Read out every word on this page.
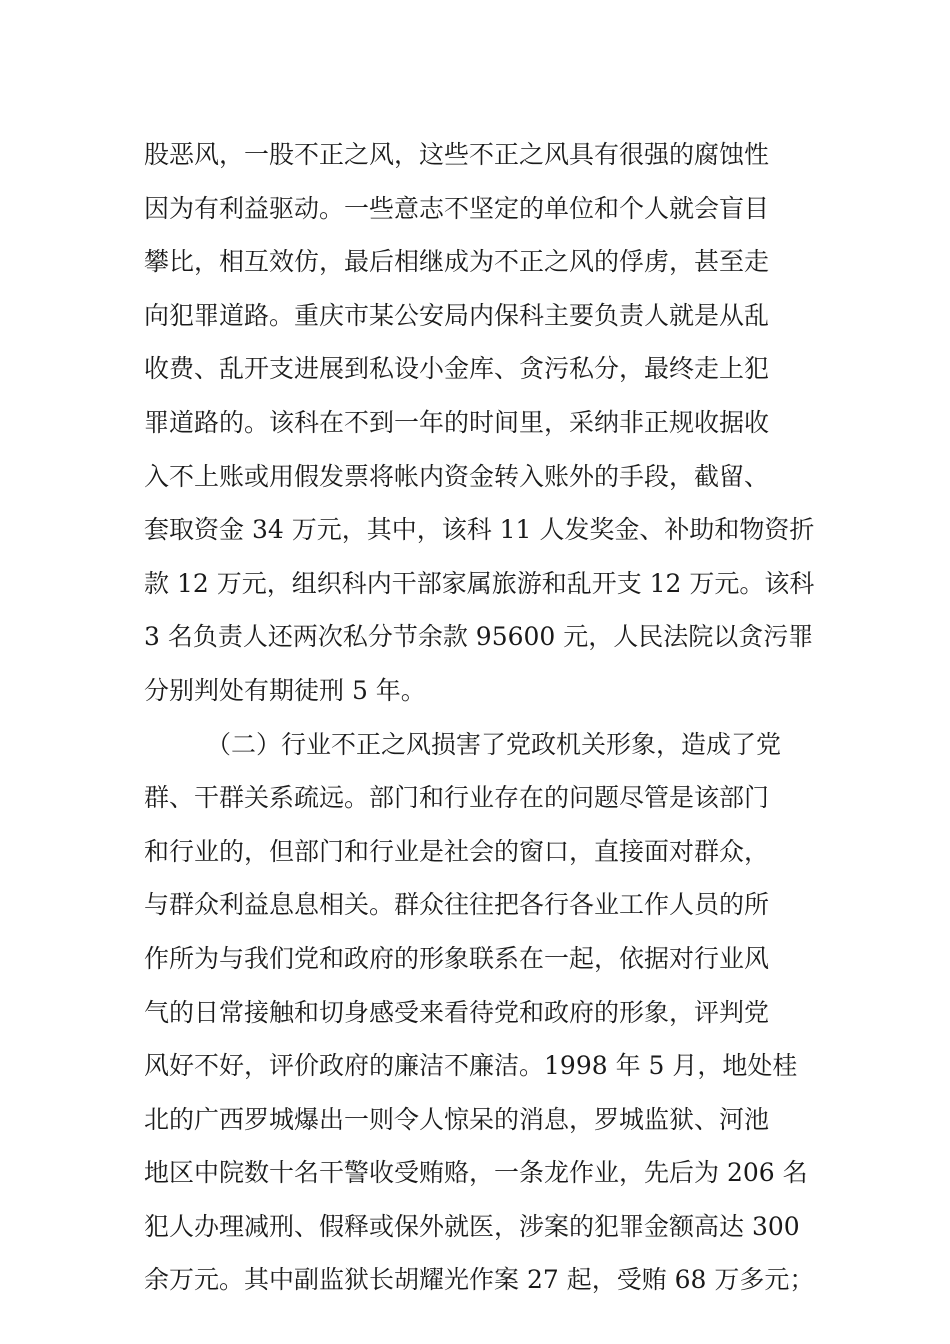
股恶风，一股不正之风，这些不正之风具有很强的腐蚀性
因为有利益驱动。一些意志不坚定的单位和个人就会盲目
攀比，相互效仿，最后相继成为不正之风的俘虏，甚至走
向犯罪道路。重庆市某公安局内保科主要负责人就是从乱
收费、乱开支进展到私设小金库、贪污私分，最终走上犯
罪道路的。该科在不到一年的时间里，采纳非正规收据收
入不上账或用假发票将帐内资金转入账外的手段，截留、
套取资金 34 万元，其中，该科 11 人发奖金、补助和物资折
款 12 万元，组织科内干部家属旅游和乱开支 12 万元。该科
3 名负责人还两次私分节余款 95600 元，人民法院以贪污罪
分别判处有期徒刑 5 年。
（二）行业不正之风损害了党政机关形象，造成了党
群、干群关系疏远。部门和行业存在的问题尽管是该部门
和行业的，但部门和行业是社会的窗口，直接面对群众，
与群众利益息息相关。群众往往把各行各业工作人员的所
作所为与我们党和政府的形象联系在一起，依据对行业风
气的日常接触和切身感受来看待党和政府的形象，评判党
风好不好，评价政府的廉洁不廉洁。1998 年 5 月，地处桂
北的广西罗城爆出一则令人惊呆的消息，罗城监狱、河池
地区中院数十名干警收受贿赂，一条龙作业，先后为 206 名
犯人办理减刑、假释或保外就医，涉案的犯罪金额高达 300
余万元。其中副监狱长胡耀光作案 27 起，受贿 68 万多元；
